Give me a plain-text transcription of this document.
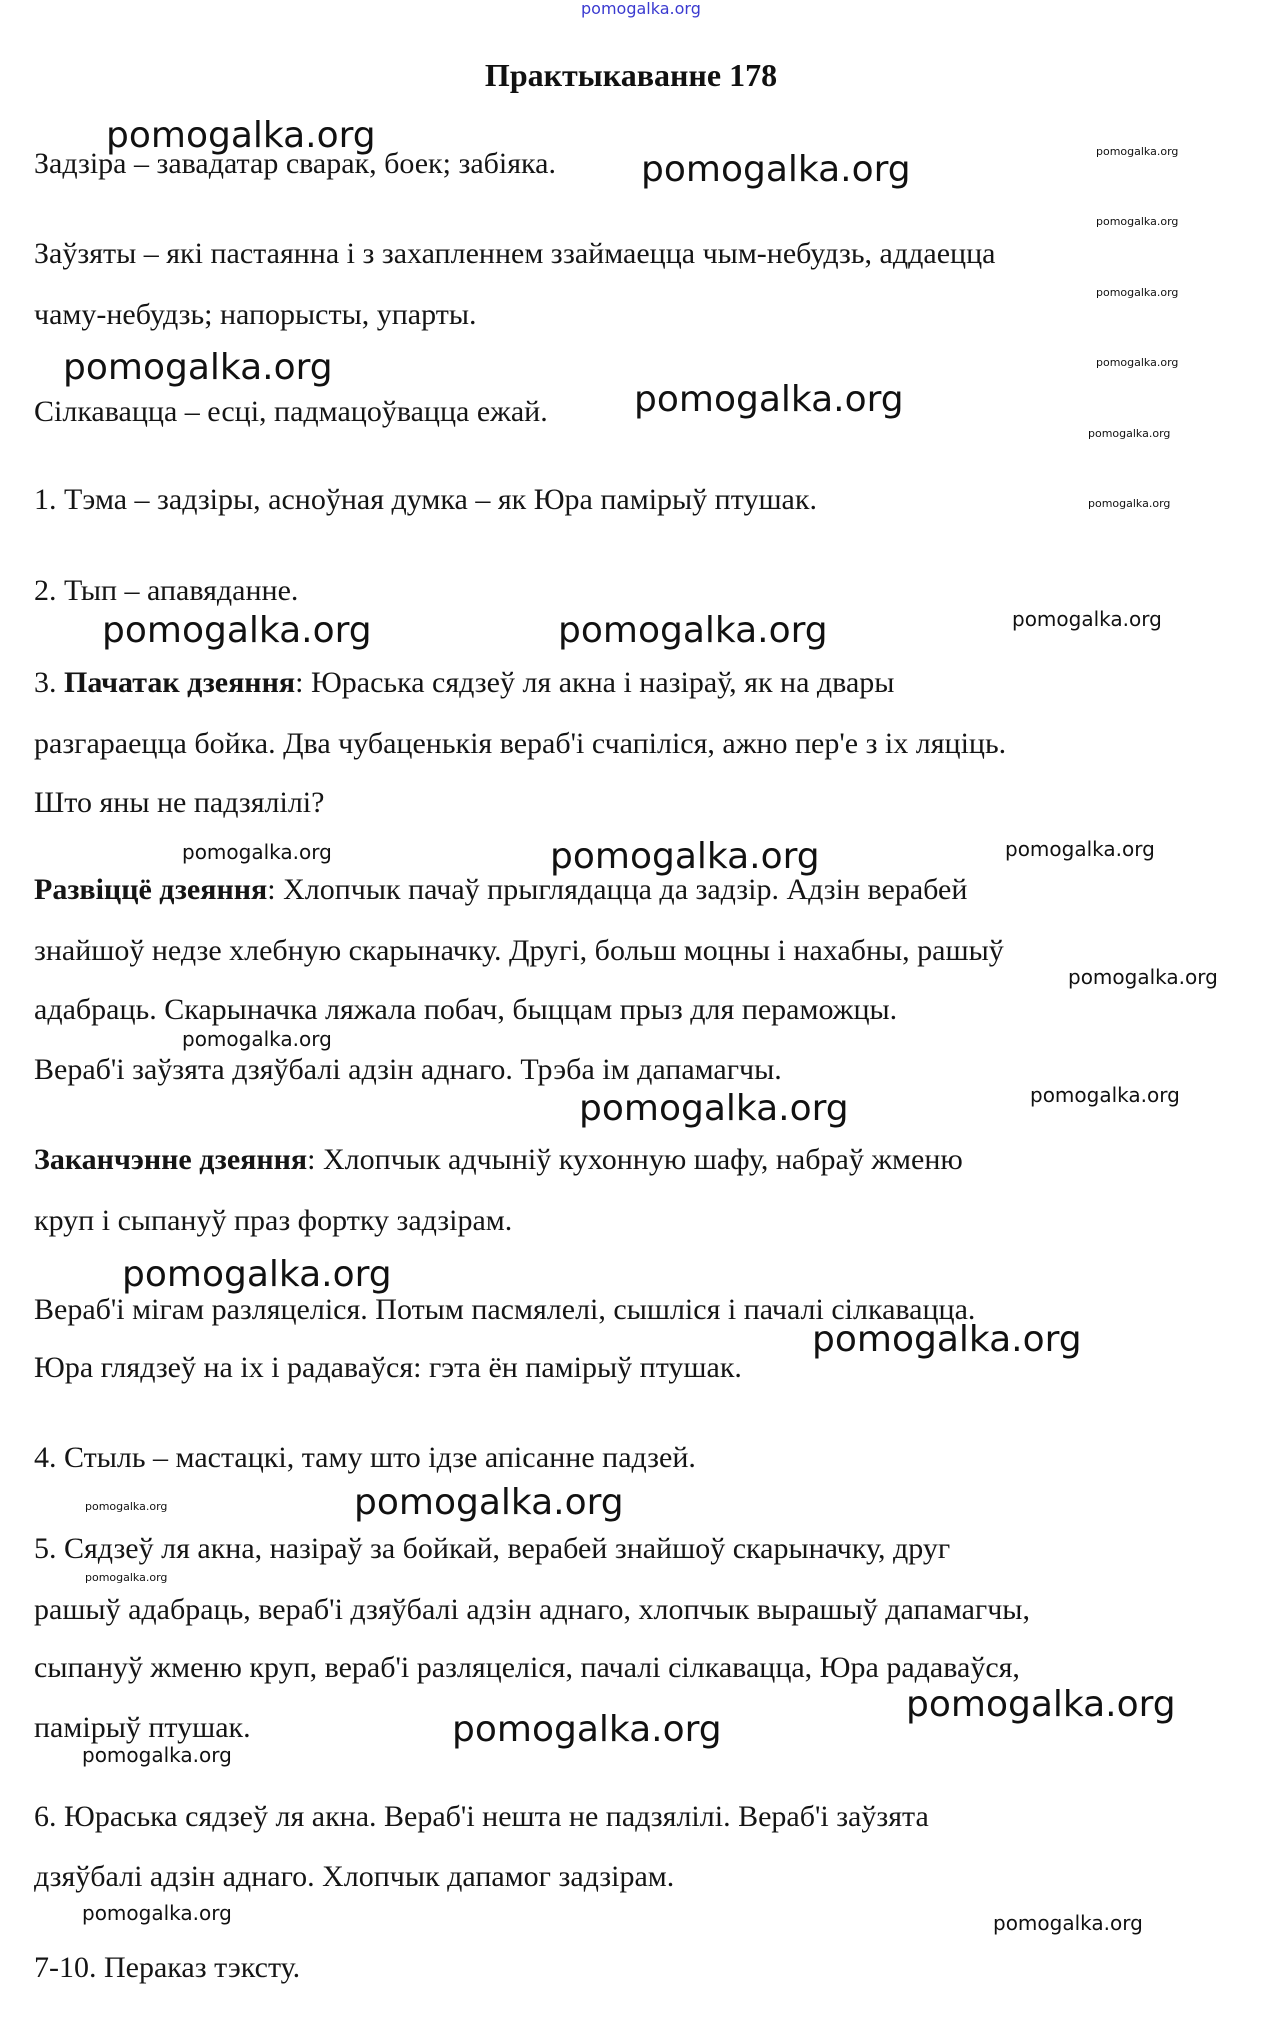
pomogalka.org
Практыкаванне 178
Задзіра – завадатар сварак, боек; забіяка.
Заўзяты – які пастаянна і з захапленнем ззаймаецца чым-небудзь, аддаецца
чаму-небудзь; напорысты, упарты.
Сілкавацца – есці, падмацоўвацца ежай.
1. Тэма – задзіры, асноўная думка – як Юра памірыў птушак.
2. Тып – апавяданне.
3. Пачатак дзеяння: Юраська сядзеў ля акна і назіраў, як на двары
разгараецца бойка. Два чубаценькія вераб'і счапіліся, ажно пер'е з іх ляціць.
Што яны не падзялілі?
Развіццё дзеяння: Хлопчык пачаў прыглядацца да задзір. Адзін верабей
знайшоў недзе хлебную скарыначку. Другі, больш моцны і нахабны, рашыў
адабраць. Скарыначка ляжала побач, быццам прыз для пераможцы.
Вераб'і заўзята дзяўбалі адзін аднаго. Трэба ім дапамагчы.
Заканчэнне дзеяння: Хлопчык адчыніў кухонную шафу, набраў жменю
круп і сыпануў праз фортку задзірам.
Вераб'і мігам разляцеліся. Потым пасмялелі, сышліся і пачалі сілкавацца.
Юра глядзеў на іх і радаваўся: гэта ён памірыў птушак.
4. Стыль – мастацкі, таму што ідзе апісанне падзей.
5. Сядзеў ля акна, назіраў за бойкай, верабей знайшоў скарыначку, друг
рашыў адабраць, вераб'і дзяўбалі адзін аднаго, хлопчык вырашыў дапамагчы,
сыпануў жменю круп, вераб'і разляцеліся, пачалі сілкавацца, Юра радаваўся,
памірыў птушак.
6. Юраська сядзеў ля акна. Вераб'і нешта не падзялілі. Вераб'і заўзята
дзяўбалі адзін аднаго. Хлопчык дапамог задзірам.
7-10. Пераказ тэксту.
pomogalka.org
pomogalka.org
pomogalka.org
pomogalka.org
pomogalka.org	pomogalka.org
pomogalka.org
pomogalka.org
pomogalka.org
pomogalka.org
pomogalka.org
pomogalka.org
pomogalka.org
pomogalka.org
pomogalka.org	pomogalka.org
pomogalka.org
pomogalka.org
pomogalka.org
pomogalka.org
pomogalka.org	pomogalka.org
pomogalka.org
pomogalka.org
pomogalka.org
pomogalka.org
pomogalka.org
pomogalka.org
pomogalka.org
pomogalka.org
